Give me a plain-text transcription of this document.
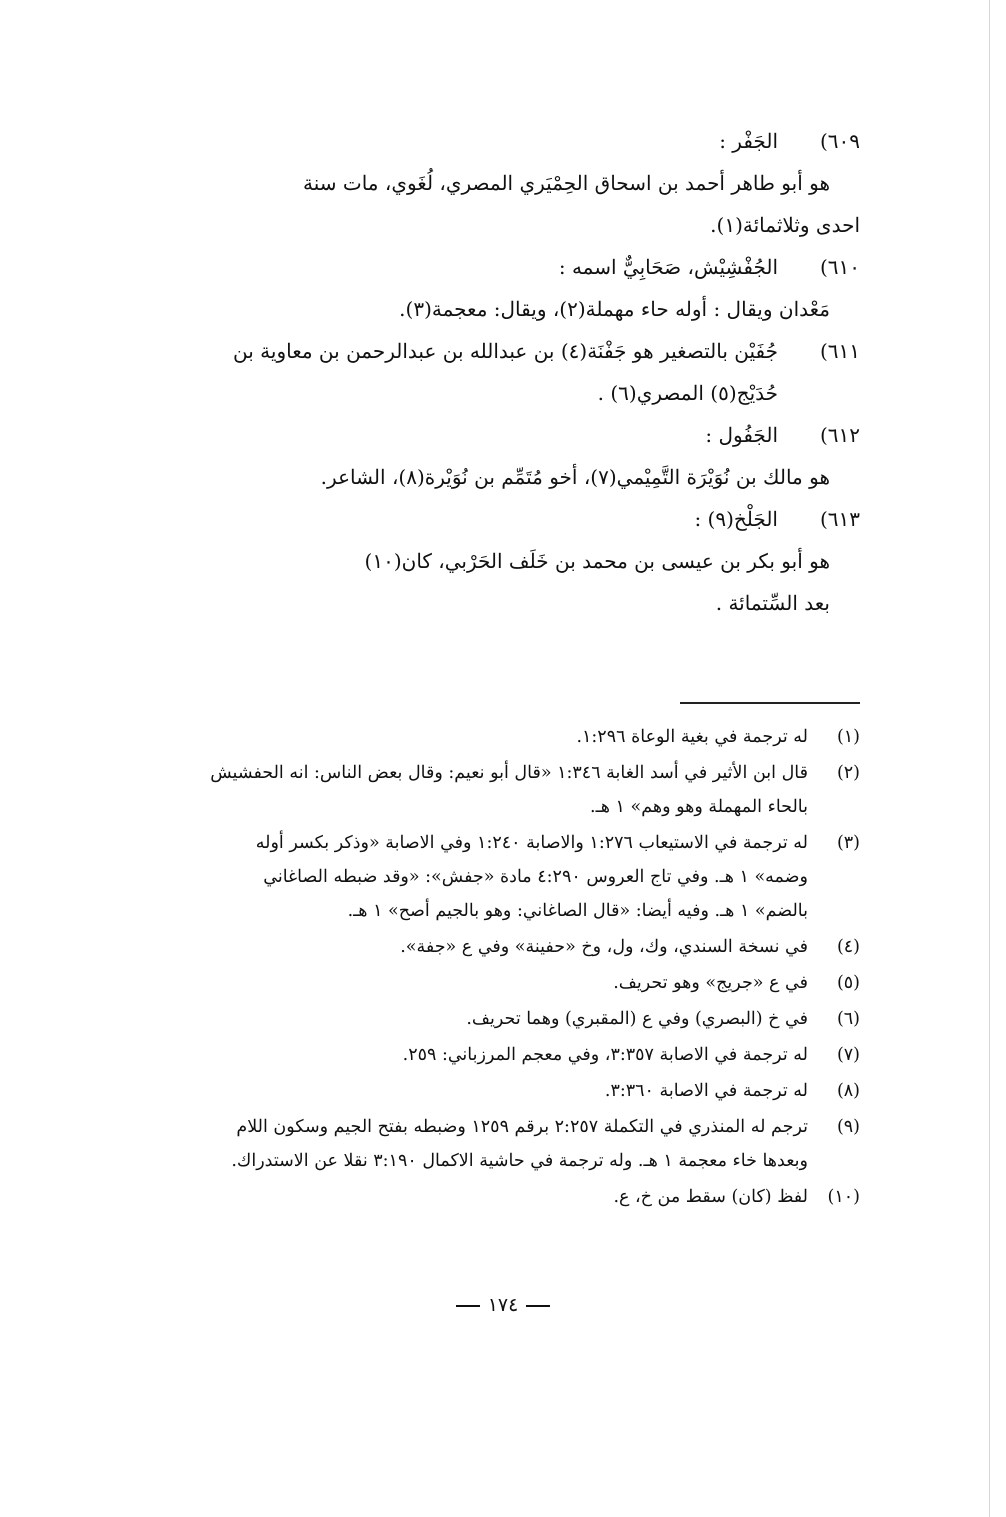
٦٠٩)
الجَفْر :
هو أبو طاهر أحمد بن اسحاق الحِمْيَري المصري، لُغَوي، مات سنة
احدى وثلاثمائة(١).
٦١٠)
الجُفْشِيْش، صَحَابِيٌّ اسمه :
مَعْدان ويقال : أوله حاء مهملة(٢)، ويقال: معجمة(٣).
٦١١)
جُفَيْن بالتصغير هو جَفْنَة(٤) بن عبدالله بن عبدالرحمن بن معاوية بن
حُدَيْج(٥) المصري(٦) .
٦١٢)
الجَفُول :
هو مالك بن نُوَيْرَة التَّمِيْمي(٧)، أخو مُتَمِّم بن نُوَيْرة(٨)، الشاعر.
٦١٣)
الجَلْخ(٩) :
هو أبو بكر بن عيسى بن محمد بن خَلَف الحَرْبي، كان(١٠)
بعد السِّتمائة .
(١)
له ترجمة في بغية الوعاة ١:٢٩٦.
(٢)
قال ابن الأثير في أسد الغابة ١:٣٤٦ «قال أبو نعيم: وقال بعض الناس: انه الحفشيش
بالحاء المهملة وهو وهم» ١ هـ.
(٣)
له ترجمة في الاستيعاب ١:٢٧٦ والاصابة ١:٢٤٠ وفي الاصابة «وذكر بكسر أوله
وضمه» ١ هـ. وفي تاج العروس ٤:٢٩٠ مادة «جفش»: «وقد ضبطه الصاغاني
بالضم» ١ هـ. وفيه أيضا: «قال الصاغاني: وهو بالجيم أصح» ١ هـ.
(٤)
في نسخة السندي، وك، ول، وخ «حفينة» وفي ع «جفة».
(٥)
في ع «جريج» وهو تحريف.
(٦)
في خ (البصري) وفي ع (المقبري) وهما تحريف.
(٧)
له ترجمة في الاصابة ٣:٣٥٧، وفي معجم المرزباني: ٢٥٩.
(٨)
له ترجمة في الاصابة ٣:٣٦٠.
(٩)
ترجم له المنذري في التكملة ٢:٢٥٧ برقم ١٢٥٩ وضبطه بفتح الجيم وسكون اللام
وبعدها خاء معجمة ١ هـ. وله ترجمة في حاشية الاكمال ٣:١٩٠ نقلا عن الاستدراك.
(١٠)
لفظ (كان) سقط من خ، ع.
١٧٤
